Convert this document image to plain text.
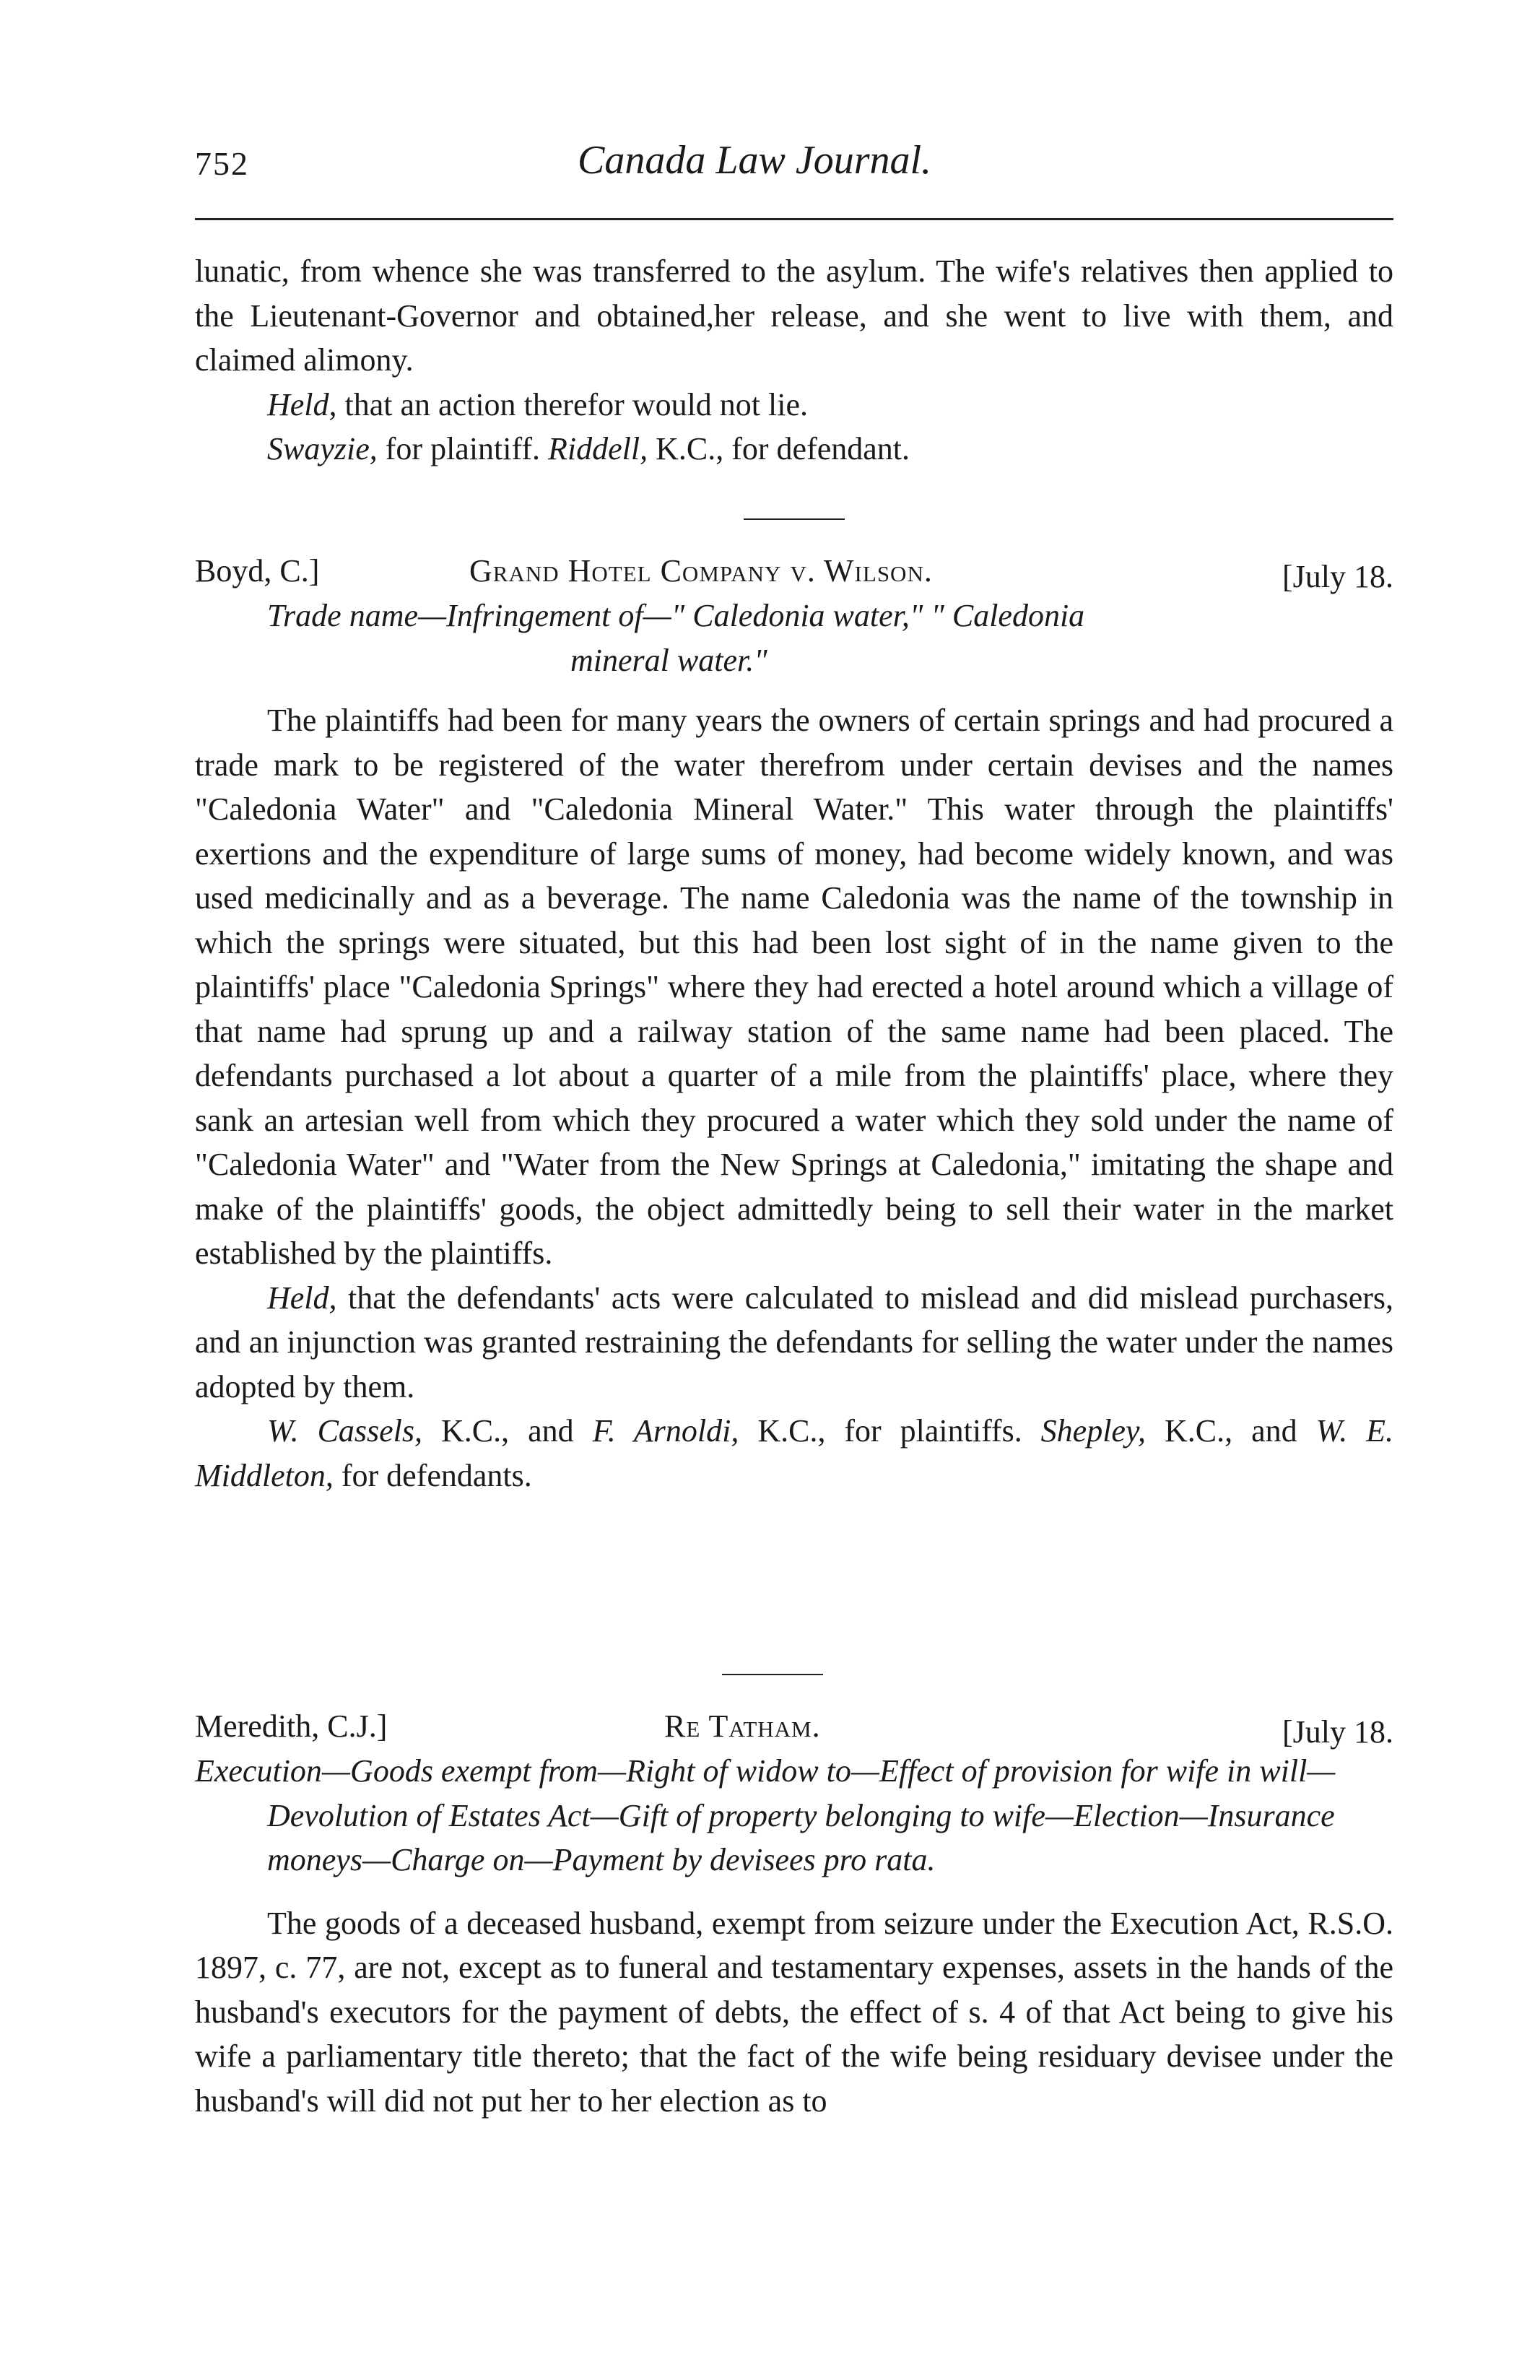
752	Canada Law Journal.

lunatic, from whence she was transferred to the asylum. The wife's relatives then applied to the Lieutenant-Governor and obtained,her release, and she went to live with them, and claimed alimony.

Held, that an action therefor would not lie.

Swayzie, for plaintiff. Riddell, K.C., for defendant.

Boyd, C.]	Grand Hotel Company v. Wilson.	[July 18.

Trade name—Infringement of—" Caledonia water," " Caledonia

mineral water."

The plaintiffs had been for many years the owners of certain springs and had procured a trade mark to be registered of the water therefrom under certain devises and the names "Caledonia Water" and "Caledonia Mineral Water." This water through the plaintiffs' exertions and the expenditure of large sums of money, had become widely known, and was used medicinally and as a beverage. The name Caledonia was the name of the township in which the springs were situated, but this had been lost sight of in the name given to the plaintiffs' place "Caledonia Springs" where they had erected a hotel around which a village of that name had sprung up and a railway station of the same name had been placed. The defendants purchased a lot about a quarter of a mile from the plaintiffs' place, where they sank an artesian well from which they procured a water which they sold under the name of "Caledonia Water" and "Water from the New Springs at Caledonia," imitating the shape and make of the plaintiffs' goods, the object admittedly being to sell their water in the market established by the plaintiffs.

Held, that the defendants' acts were calculated to mislead and did mislead purchasers, and an injunction was granted restraining the defendants for selling the water under the names adopted by them.

W. Cassels, K.C., and F. Arnoldi, K.C., for plaintiffs. Shepley, K.C., and W. E. Middleton, for defendants.

Meredith, C.J.]	Re Tatham.	[July 18.

Execution—Goods exempt from—Right of widow to—Effect of provision for wife in will—Devolution of Estates Act—Gift of property belonging to wife—Election—Insurance moneys—Charge on—Payment by devisees pro rata.

The goods of a deceased husband, exempt from seizure under the Execution Act, R.S.O. 1897, c. 77, are not, except as to funeral and testamentary expenses, assets in the hands of the husband's executors for the payment of debts, the effect of s. 4 of that Act being to give his wife a parliamentary title thereto; that the fact of the wife being residuary devisee under the husband's will did not put her to her election as to
